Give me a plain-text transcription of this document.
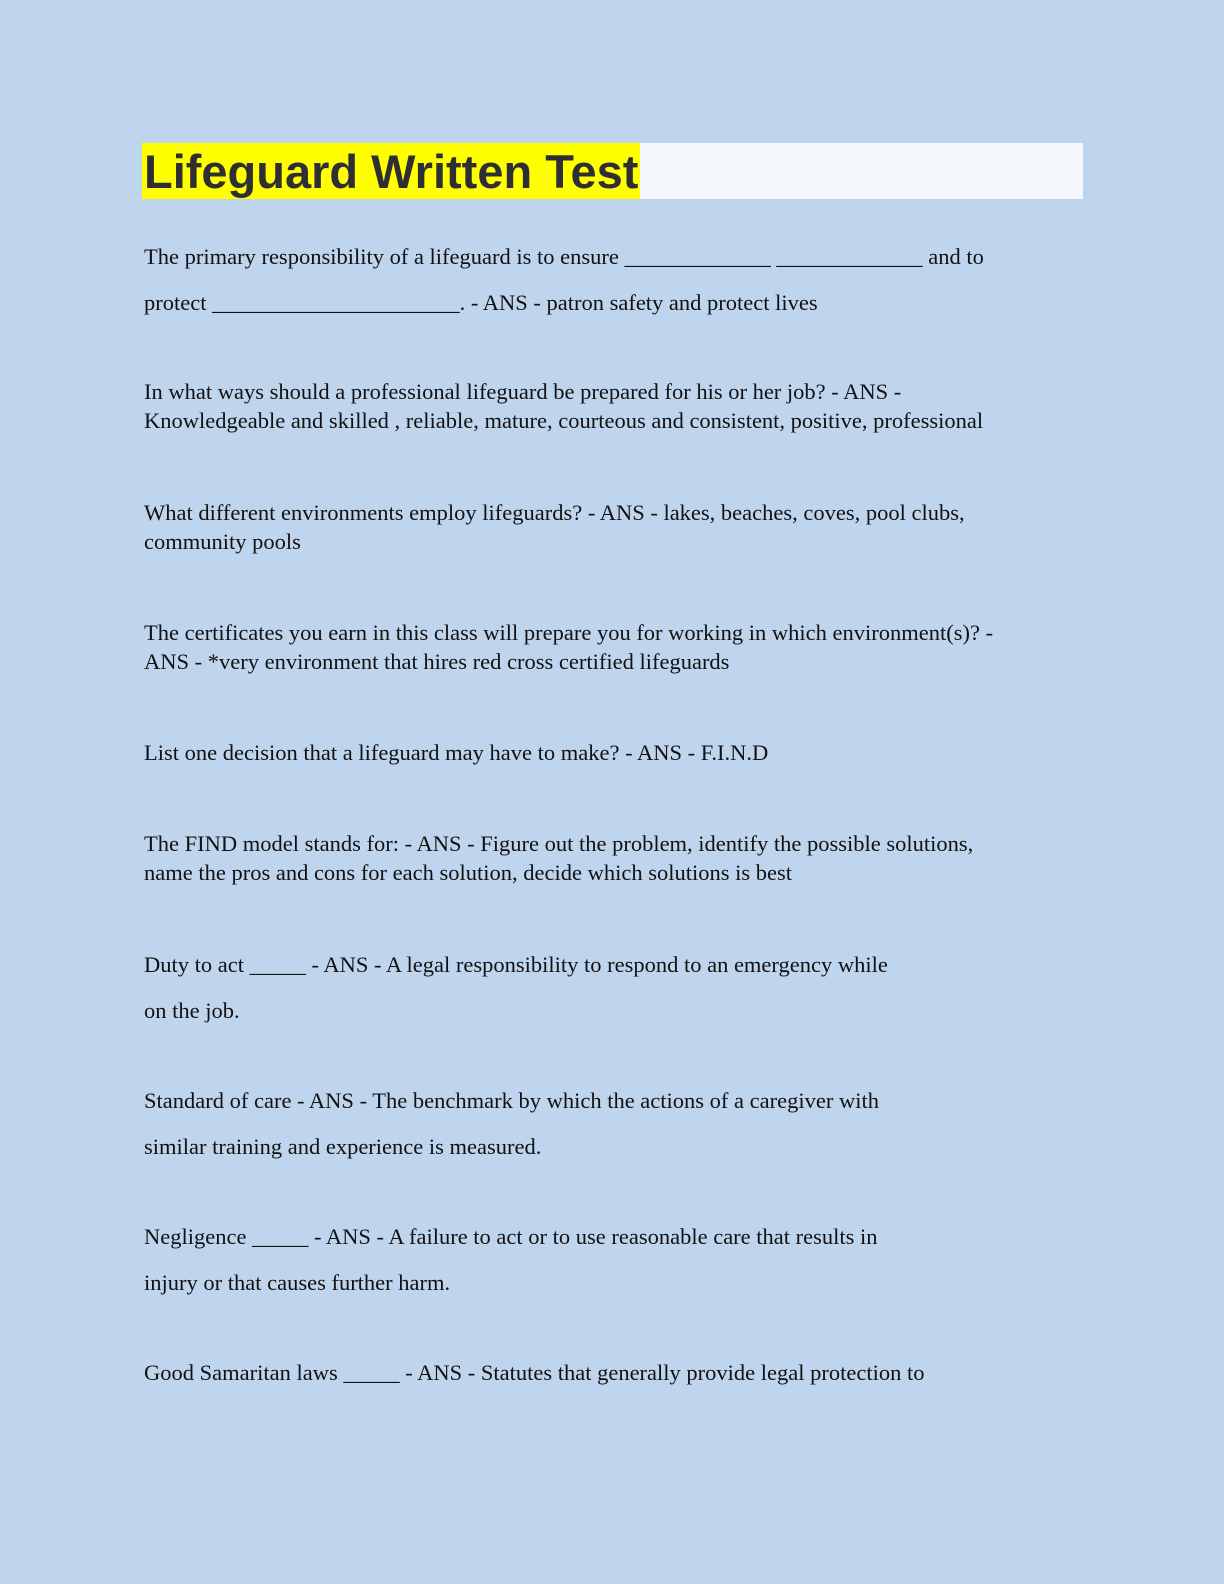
Lifeguard Written Test

The primary responsibility of a lifeguard is to ensure _____________ _____________ and to
protect ______________________. - ANS - patron safety and protect lives

In what ways should a professional lifeguard be prepared for his or her job? - ANS -
Knowledgeable and skilled , reliable, mature, courteous and consistent, positive, professional

What different environments employ lifeguards? - ANS - lakes, beaches, coves, pool clubs,
community pools

The certificates you earn in this class will prepare you for working in which environment(s)? -
ANS - *very environment that hires red cross certified lifeguards

List one decision that a lifeguard may have to make? - ANS - F.I.N.D

The FIND model stands for: - ANS - Figure out the problem, identify the possible solutions,
name the pros and cons for each solution, decide which solutions is best

Duty to act _____ - ANS - A legal responsibility to respond to an emergency while
on the job.

Standard of care - ANS - The benchmark by which the actions of a caregiver with
similar training and experience is measured.

Negligence _____ - ANS - A failure to act or to use reasonable care that results in
injury or that causes further harm.

Good Samaritan laws _____ - ANS - Statutes that generally provide legal protection to
